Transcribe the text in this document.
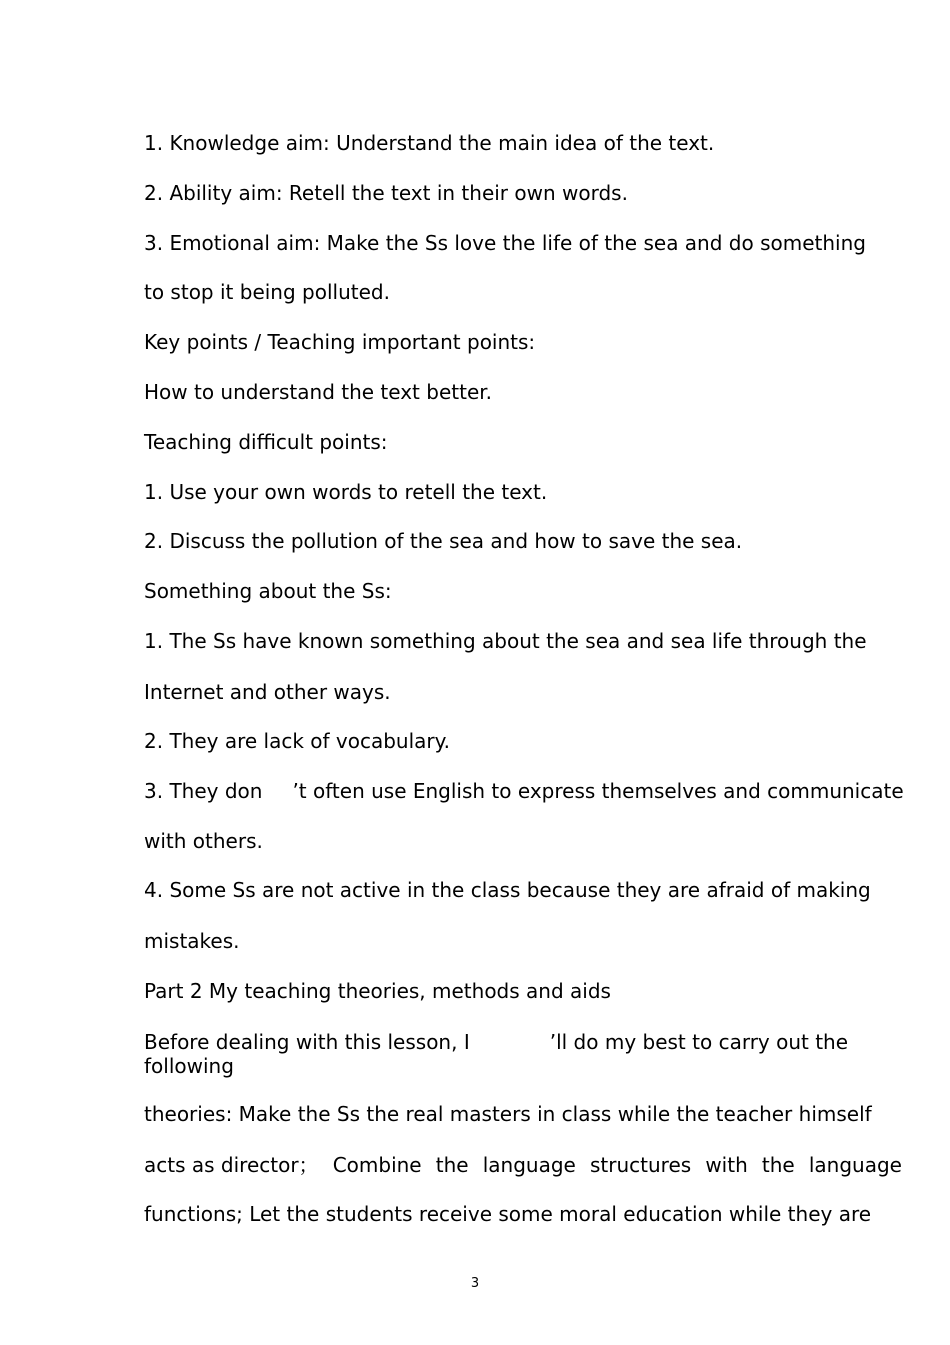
1. Knowledge aim: Understand the main idea of the text.
2. Ability aim: Retell the text in their own words.
3. Emotional aim: Make the Ss love the life of the sea and do something
to stop it being polluted.
Key points / Teaching important points:
How to understand the text better.
Teaching difficult points:
1. Use your own words to retell the text.
2. Discuss the pollution of the sea and how to save the sea.
Something about the Ss:
1. The Ss have known something about the sea and sea life through the
Internet and other ways.
2. They are lack of vocabulary.
3. They don ’t often use English to express themselves and communicate
with others.
4. Some Ss are not active in the class because they are afraid of making
mistakes.
Part 2 My teaching theories, methods and aids
Before dealing with this lesson, I	’ll do my best to carry out the
following
theories: Make the Ss the real masters in class while the teacher himself
acts as director； Combine the language structures with the language
functions; Let the students receive some moral education while they are
3
